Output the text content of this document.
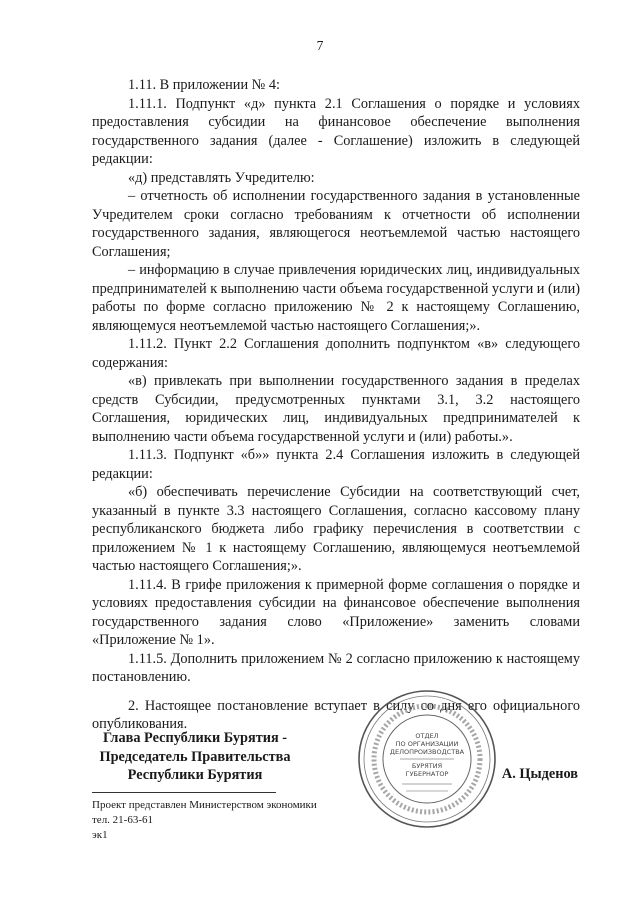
7

1.11. В приложении № 4:

1.11.1. Подпункт «д» пункта 2.1 Соглашения о порядке и условиях предоставления субсидии на финансовое обеспечение выполнения государственного задания (далее - Соглашение) изложить в следующей редакции:

«д) представлять Учредителю:

– отчетность об исполнении государственного задания в установленные Учредителем сроки согласно требованиям к отчетности об исполнении государственного задания, являющегося неотъемлемой частью настоящего Соглашения;

– информацию в случае привлечения юридических лиц, индивидуальных предпринимателей к выполнению части объема государственной услуги и (или) работы по форме согласно приложению № 2 к настоящему Соглашению, являющемуся неотъемлемой частью настоящего Соглашения;».

1.11.2. Пункт 2.2 Соглашения дополнить подпунктом «в» следующего содержания:

«в) привлекать при выполнении государственного задания в пределах средств Субсидии, предусмотренных пунктами 3.1, 3.2 настоящего Соглашения, юридических лиц, индивидуальных предпринимателей к выполнению части объема государственной услуги и (или) работы.».

1.11.3. Подпункт «б»» пункта 2.4 Соглашения изложить в следующей редакции:

«б) обеспечивать перечисление Субсидии на соответствующий счет, указанный в пункте 3.3 настоящего Соглашения, согласно кассовому плану республиканского бюджета либо графику перечисления в соответствии с приложением № 1 к настоящему Соглашению, являющемуся неотъемлемой частью настоящего Соглашения;».

1.11.4. В грифе приложения к примерной форме соглашения о порядке и условиях предоставления субсидии на финансовое обеспечение выполнения государственного задания слово «Приложение» заменить словами «Приложение № 1».

1.11.5. Дополнить приложением № 2 согласно приложению к настоящему постановлению.

2. Настоящее постановление вступает в силу со дня его официального опубликования.

Глава Республики Бурятия -
Председатель Правительства
Республики Бурятия
ОТДЕЛ
ПО ОРГАНИЗАЦИИ
ДЕЛОПРОИЗВОДСТВА
БУРЯТИЯ
ГУБЕРНАТОР	А. Цыденов
Проект представлен Министерством экономики
тел. 21-63-61
эк1
